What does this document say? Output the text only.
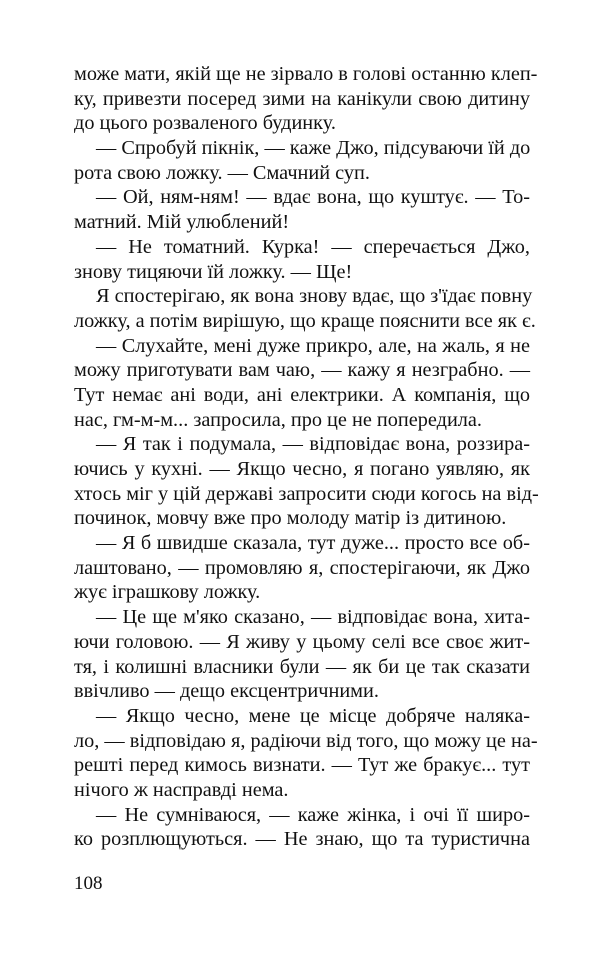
може мати, якій ще не зірвало в голові останню клеп-
ку, привезти посеред зими на канікули свою дитину
до цього розваленого будинку.
— Спробуй пікнік, — каже Джо, підсуваючи їй до
рота свою ложку. — Смачний суп.
— Ой, ням-ням! — вдає вона, що куштує. — То-
матний. Мій улюблений!
— Не томатний. Курка! — сперечається Джо,
знову тицяючи їй ложку. — Ще!
Я спостерігаю, як вона знову вдає, що з'їдає повну
ложку, а потім вирішую, що краще пояснити все як є.
— Слухайте, мені дуже прикро, але, на жаль, я не
можу приготувати вам чаю, — кажу я незграбно. —
Тут немає ані води, ані електрики. А компанія, що
нас, гм-м-м... запросила, про це не попередила.
— Я так і подумала, — відповідає вона, роззира-
ючись у кухні. — Якщо чесно, я погано уявляю, як
хтось міг у цій державі запросити сюди когось на від-
починок, мовчу вже про молоду матір із дитиною.
— Я б швидше сказала, тут дуже... просто все об-
лаштовано, — промовляю я, спостерігаючи, як Джо
жує іграшкову ложку.
— Це ще м'яко сказано, — відповідає вона, хита-
ючи головою. — Я живу у цьому селі все своє жит-
тя, і колишні власники були — як би це так сказати
ввічливо — дещо ексцентричними.
— Якщо чесно, мене це місце добряче налякa-
ло, — відповідаю я, радіючи від того, що можу це на-
решті перед кимось визнати. — Тут же бракує... тут
нічого ж насправді нема.
— Не сумніваюся, — каже жінка, і очі її широ-
ко розплющуються. — Не знаю, що та туристична
108
